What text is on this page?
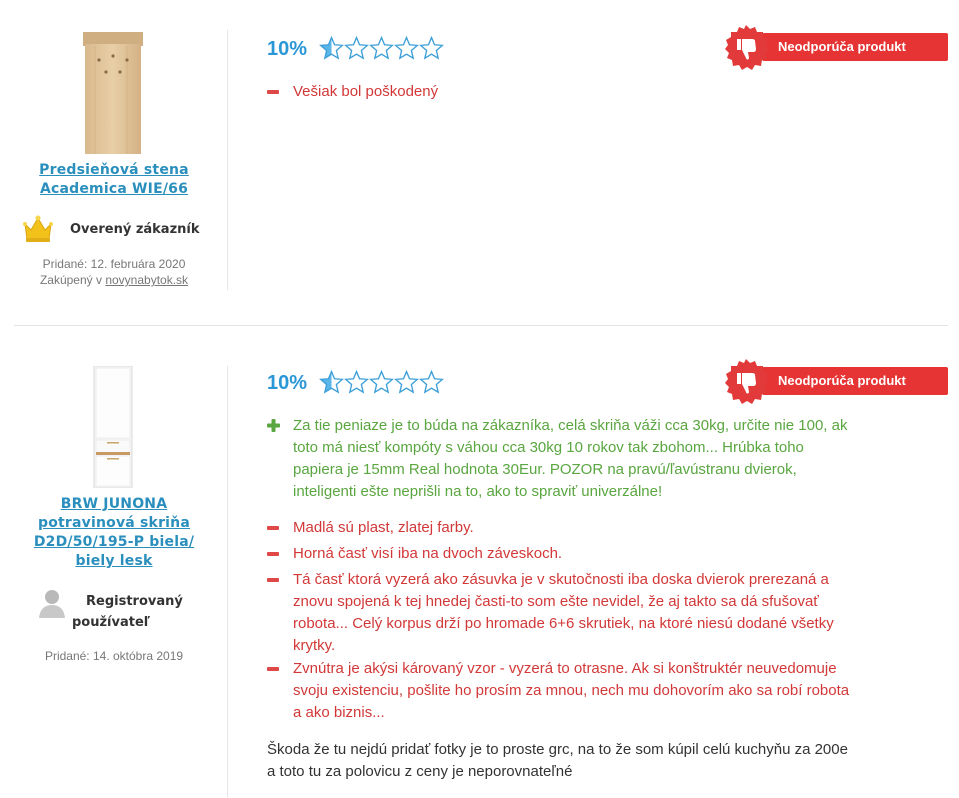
Predsieňová stena Academica WIE/66
Overený zákazník
Pridané: 12. februára 2020
Zakúpený v novynabytok.sk
10%	Neodporúča produkt
Vešiak bol poškodený
BRW JUNONA
potravinová skriňa
D2D/50/195-P biela/
biely lesk
Registrovaný
používateľ
Pridané: 14. októbra 2019
10%	Neodporúča produkt
Za tie peniaze je to búda na zákazníka, celá skriňa váži cca 30kg, určite nie 100, ak
toto má niesť kompóty s váhou cca 30kg 10 rokov tak zbohom... Hrúbka toho
papiera je 15mm Real hodnota 30Eur. POZOR na pravú/ľavústranu dvierok,
inteligenti ešte neprišli na to, ako to spraviť univerzálne!
Madlá sú plast, zlatej farby.
Horná časť visí iba na dvoch záveskoch.
Tá časť ktorá vyzerá ako zásuvka je v skutočnosti iba doska dvierok prerezaná a
znovu spojená k tej hnedej časti-to som ešte nevidel, že aj takto sa dá sfušovať
robota... Celý korpus drží po hromade 6+6 skrutiek, na ktoré niesú dodané všetky
krytky.
Zvnútra je akýsi károvaný vzor - vyzerá to otrasne. Ak si konštruktér neuvedomuje
svoju existenciu, pošlite ho prosím za mnou, nech mu dohovorím ako sa robí robota
a ako biznis...
Škoda že tu nejdú pridať fotky je to proste grc, na to že som kúpil celú kuchyňu za 200e
a toto tu za polovicu z ceny je neporovnateľné
